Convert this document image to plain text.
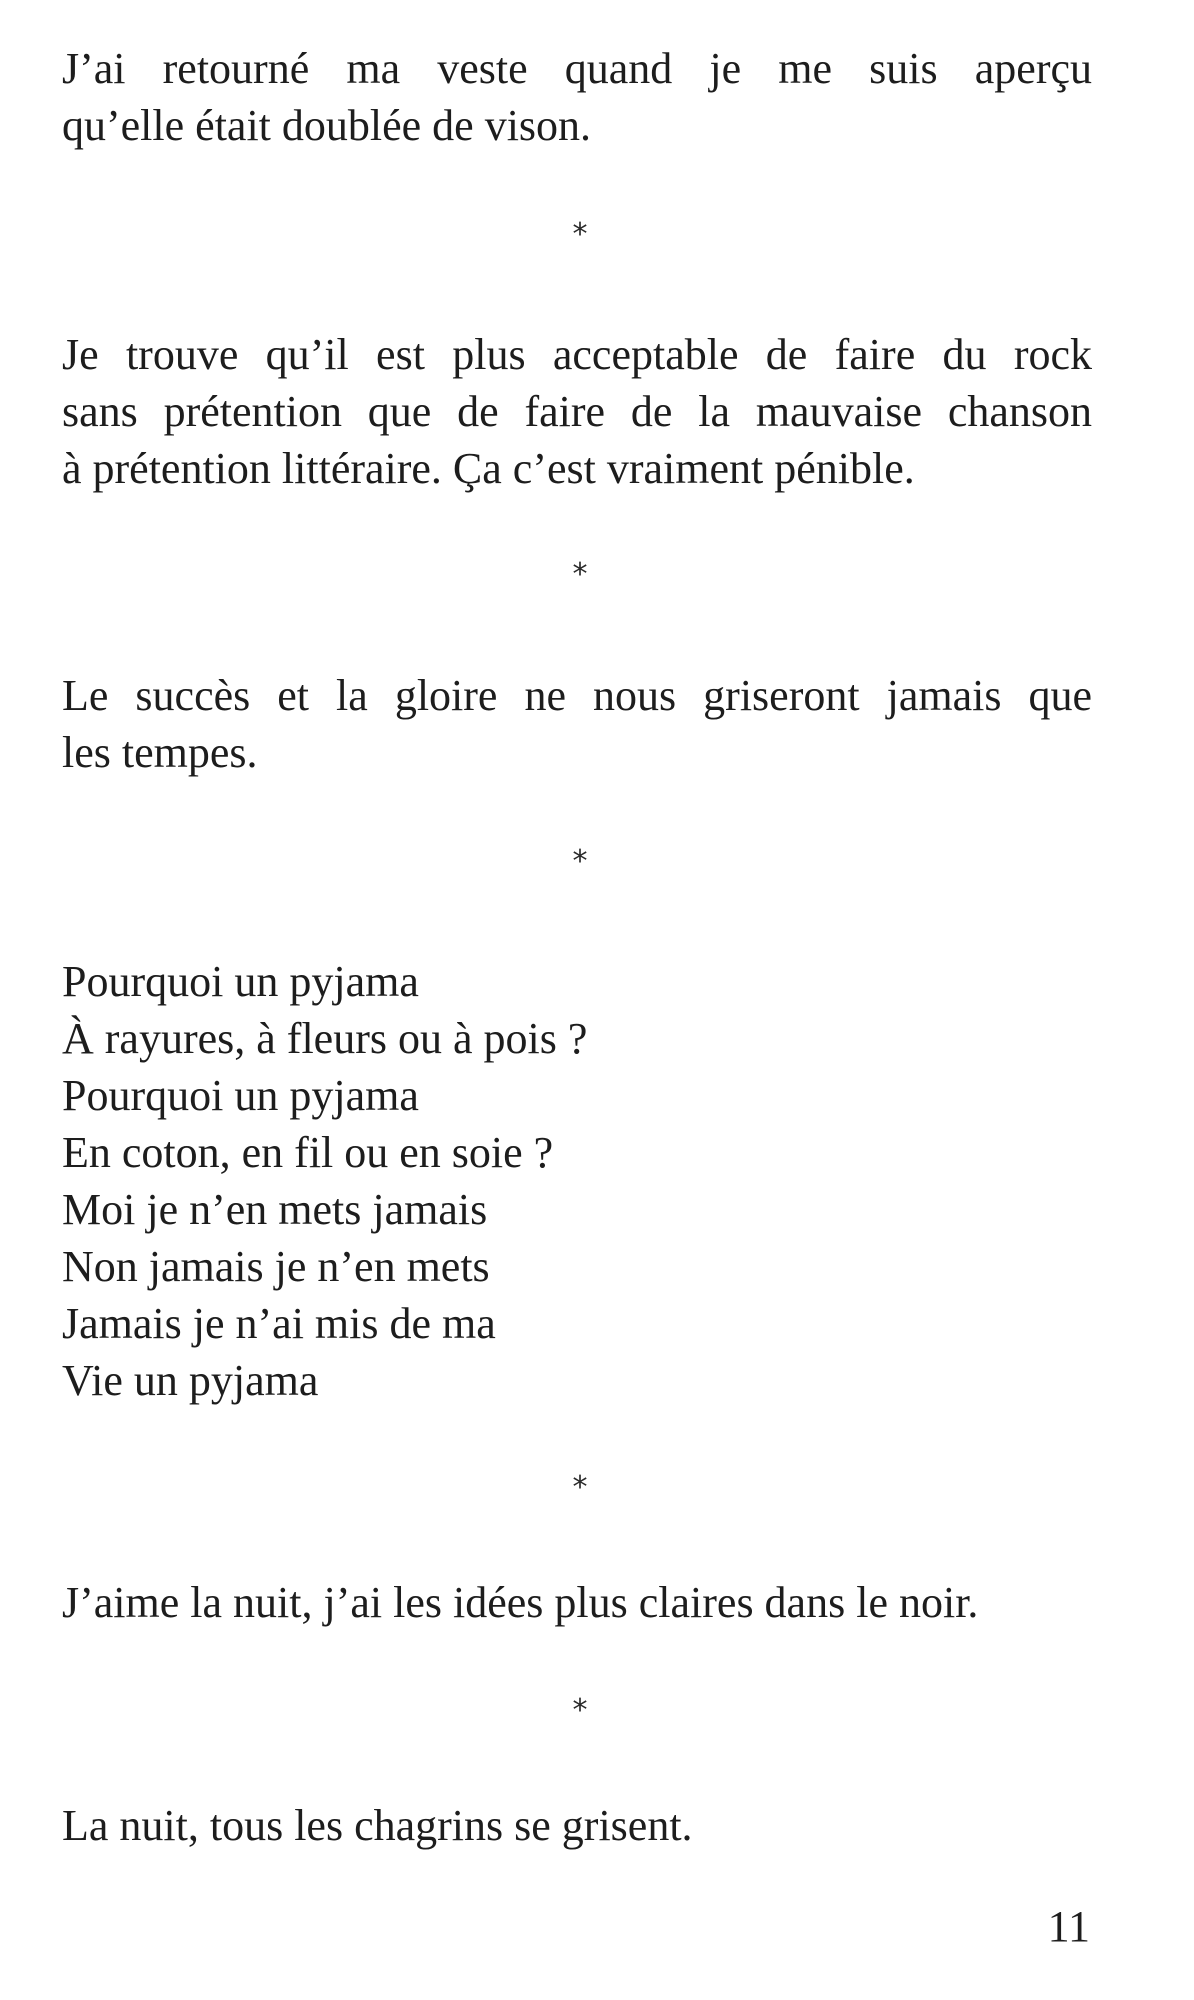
J’ai retourné ma veste quand je me suis aperçu
qu’elle était doublée de vison.
*
Je trouve qu’il est plus acceptable de faire du rock
sans prétention que de faire de la mauvaise chanson
à prétention littéraire. Ça c’est vraiment pénible.
*
Le succès et la gloire ne nous griseront jamais que
les tempes.
*
Pourquoi un pyjama
À rayures, à fleurs ou à pois ?
Pourquoi un pyjama
En coton, en fil ou en soie ?
Moi je n’en mets jamais
Non jamais je n’en mets
Jamais je n’ai mis de ma
Vie un pyjama
*
J’aime la nuit, j’ai les idées plus claires dans le noir.
*
La nuit, tous les chagrins se grisent.
11
